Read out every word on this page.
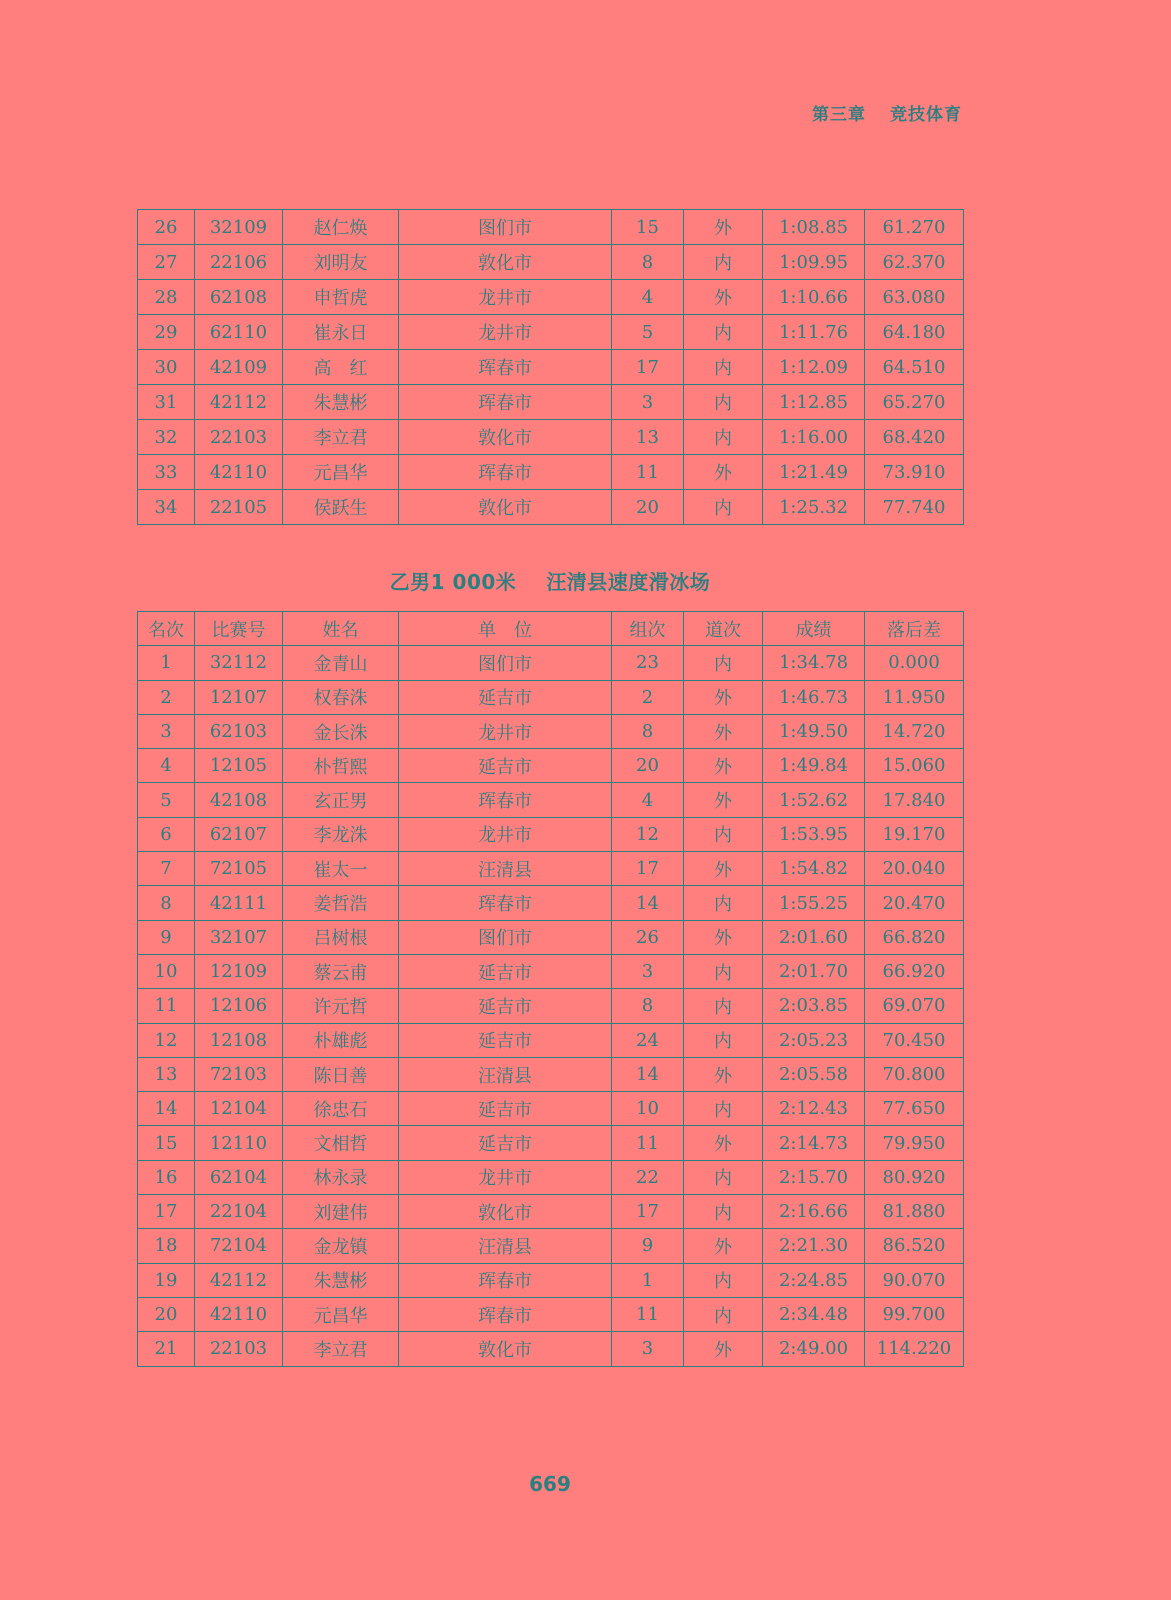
第三章 竞技体育
26	32109	赵仁焕	图们市	15	外	1:08.85	61.270
27	22106	刘明友	敦化市	8	内	1:09.95	62.370
28	62108	申哲虎	龙井市	4	外	1:10.66	63.080
29	62110	崔永日	龙井市	5	内	1:11.76	64.180
30	42109	高　红	珲春市	17	内	1:12.09	64.510
31	42112	朱慧彬	珲春市	3	内	1:12.85	65.270
32	22103	李立君	敦化市	13	内	1:16.00	68.420
33	42110	元昌华	珲春市	11	外	1:21.49	73.910
34	22105	侯跃生	敦化市	20	内	1:25.32	77.740
乙男1 000米 汪清县速度滑冰场
名次	比赛号	姓名	单　位	组次	道次	成绩	落后差
1	32112	金青山	图们市	23	内	1:34.78	0.000
2	12107	权春洙	延吉市	2	外	1:46.73	11.950
3	62103	金长洙	龙井市	8	外	1:49.50	14.720
4	12105	朴哲熙	延吉市	20	外	1:49.84	15.060
5	42108	玄正男	珲春市	4	外	1:52.62	17.840
6	62107	李龙洙	龙井市	12	内	1:53.95	19.170
7	72105	崔太一	汪清县	17	外	1:54.82	20.040
8	42111	姜哲浩	珲春市	14	内	1:55.25	20.470
9	32107	吕树根	图们市	26	外	2:01.60	66.820
10	12109	蔡云甫	延吉市	3	内	2:01.70	66.920
11	12106	许元哲	延吉市	8	内	2:03.85	69.070
12	12108	朴雄彪	延吉市	24	内	2:05.23	70.450
13	72103	陈日善	汪清县	14	外	2:05.58	70.800
14	12104	徐忠石	延吉市	10	内	2:12.43	77.650
15	12110	文相哲	延吉市	11	外	2:14.73	79.950
16	62104	林永录	龙井市	22	内	2:15.70	80.920
17	22104	刘建伟	敦化市	17	内	2:16.66	81.880
18	72104	金龙镇	汪清县	9	外	2:21.30	86.520
19	42112	朱慧彬	珲春市	1	内	2:24.85	90.070
20	42110	元昌华	珲春市	11	内	2:34.48	99.700
21	22103	李立君	敦化市	3	外	2:49.00	114.220
669
